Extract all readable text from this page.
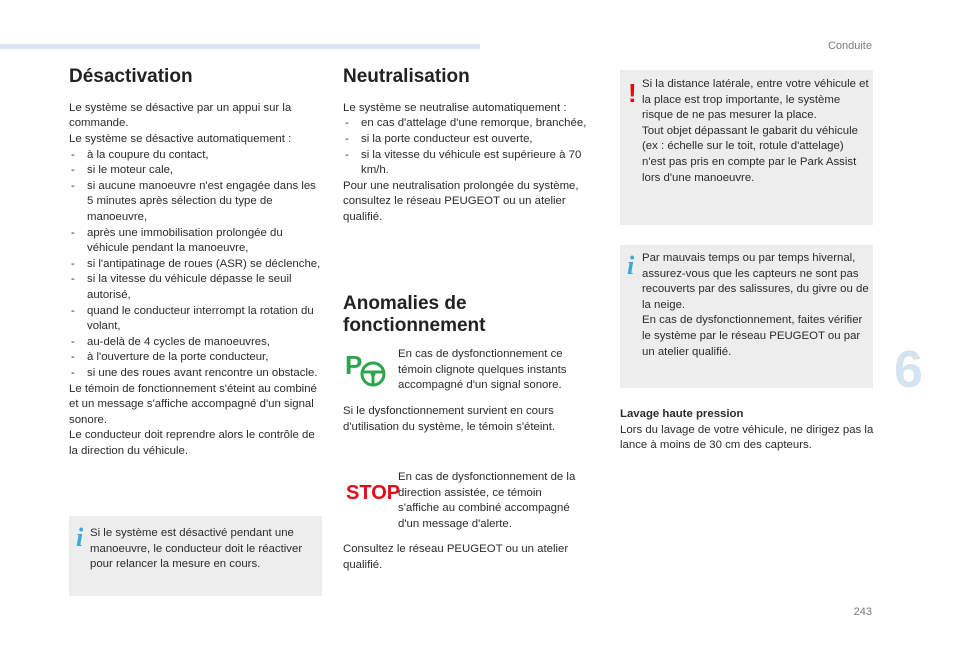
Conduite
6
243
Désactivation

Le système se désactive par un appui sur la commande.

Le système se désactive automatiquement :

- à la coupure du contact,
- si le moteur cale,
- si aucune manoeuvre n'est engagée dans les 5 minutes après sélection du type de manoeuvre,
- après une immobilisation prolongée du véhicule pendant la manoeuvre,
- si l'antipatinage de roues (ASR) se déclenche,
- si la vitesse du véhicule dépasse le seuil autorisé,
- quand le conducteur interrompt la rotation du volant,
- au-delà de 4 cycles de manoeuvres,
- à l'ouverture de la porte conducteur,
- si une des roues avant rencontre un obstacle.

Le témoin de fonctionnement s'éteint au combiné et un message s'affiche accompagné d'un signal sonore.

Le conducteur doit reprendre alors le contrôle de la direction du véhicule.

i Si le système est désactivé pendant une manoeuvre, le conducteur doit le réactiver pour relancer la mesure en cours.
Neutralisation

Le système se neutralise automatiquement :

- en cas d'attelage d'une remorque, branchée,
- si la porte conducteur est ouverte,
- si la vitesse du véhicule est supérieure à 70 km/h.

Pour une neutralisation prolongée du système, consultez le réseau PEUGEOT ou un atelier qualifié.

Anomalies de
fonctionnement
P	En cas de dysfonctionnement ce témoin clignote quelques instants accompagné d'un signal sonore.
Si le dysfonctionnement survient en cours d'utilisation du système, le témoin s'éteint.
STOP
En cas de dysfonctionnement de la direction assistée, ce témoin s'affiche au combiné accompagné d'un message d'alerte.
Consultez le réseau PEUGEOT ou un atelier qualifié.
! Si la distance latérale, entre votre véhicule et la place est trop importante, le système risque de ne pas mesurer la place.
Tout objet dépassant le gabarit du véhicule (ex : échelle sur le toit, rotule d'attelage) n'est pas pris en compte par le Park Assist lors d'une manoeuvre.
i Par mauvais temps ou par temps hivernal, assurez-vous que les capteurs ne sont pas recouverts par des salissures, du givre ou de la neige.
En cas de dysfonctionnement, faites vérifier le système par le réseau PEUGEOT ou par un atelier qualifié.
Lavage haute pression
Lors du lavage de votre véhicule, ne dirigez pas la lance à moins de 30 cm des capteurs.
